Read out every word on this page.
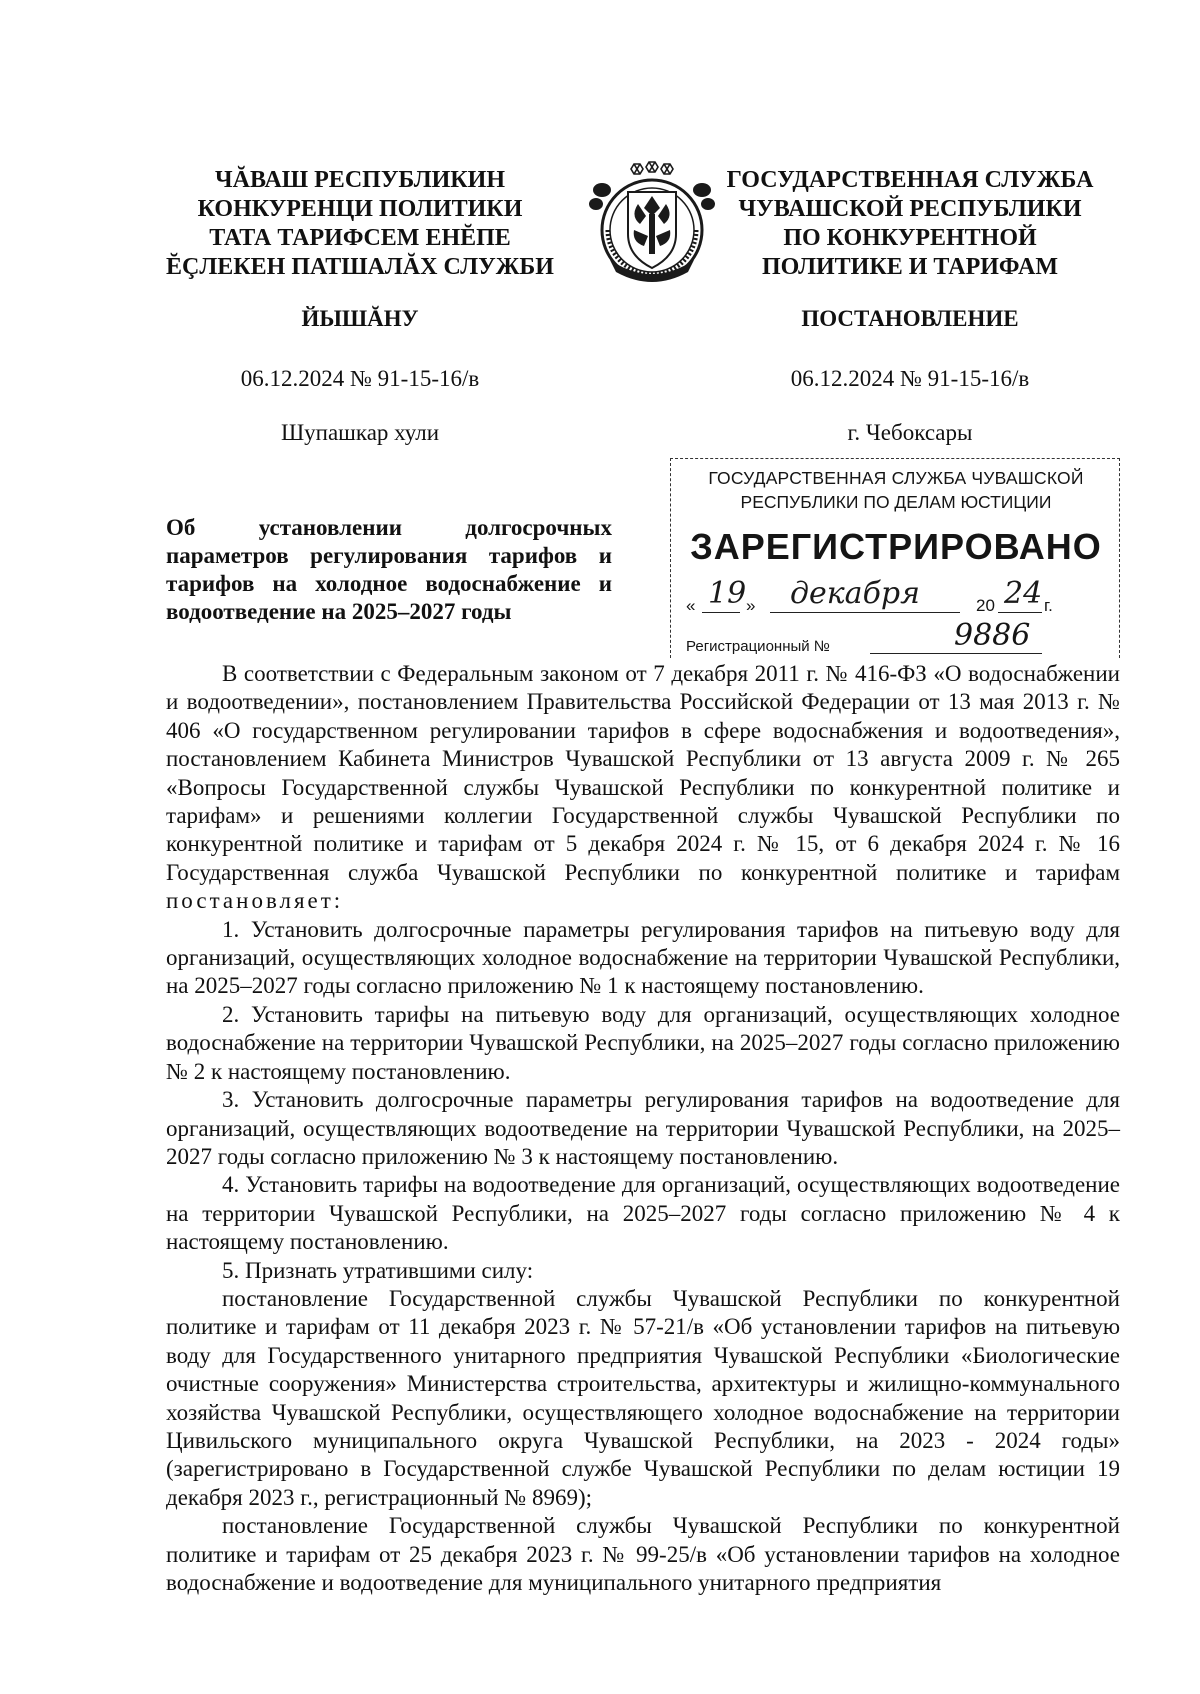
ЧĂВАШ РЕСПУБЛИКИН
КОНКУРЕНЦИ ПОЛИТИКИ
ТАТА ТАРИФСЕМ ЕНĔПЕ
ĔÇЛЕКЕН ПАТШАЛĂХ СЛУЖБИ
ГОСУДАРСТВЕННАЯ СЛУЖБА
ЧУВАШСКОЙ РЕСПУБЛИКИ
ПО КОНКУРЕНТНОЙ
ПОЛИТИКЕ И ТАРИФАМ
ЙЫШĂНУ	ПОСТАНОВЛЕНИЕ
06.12.2024 № 91-15-16/в	06.12.2024 № 91-15-16/в
Шупашкар хули	г. Чебоксары
Об установлении долгосрочных
параметров регулирования тарифов и
тарифов на холодное водоснабжение и
водоотведение на 2025–2027 годы
ГОСУДАРСТВЕННАЯ СЛУЖБА ЧУВАШСКОЙ
РЕСПУБЛИКИ ПО ДЕЛАМ ЮСТИЦИИ
ЗАРЕГИСТРИРОВАНО
« 19 » декабря	20 24 г.
Регистрационный №	9886

В соответствии с Федеральным законом от 7 декабря 2011 г. № 416-ФЗ «О водоснабжении и водоотведении», постановлением Правительства Российской Федерации от 13 мая 2013 г. № 406 «О государственном регулировании тарифов в сфере водоснабжения и водоотведения», постановлением Кабинета Министров Чувашской Республики от 13 августа 2009 г. № 265 «Вопросы Государственной службы Чувашской Республики по конкурентной политике и тарифам» и решениями коллегии Государственной службы Чувашской Республики по конкурентной политике и тарифам от 5 декабря 2024 г. № 15, от 6 декабря 2024 г. № 16 Государственная служба Чувашской Республики по конкурентной политике и тарифам постановляет:

1. Установить долгосрочные параметры регулирования тарифов на питьевую воду для организаций, осуществляющих холодное водоснабжение на территории Чувашской Республики, на 2025–2027 годы согласно приложению № 1 к настоящему постановлению.

2. Установить тарифы на питьевую воду для организаций, осуществляющих холодное водоснабжение на территории Чувашской Республики, на 2025–2027 годы согласно приложению № 2 к настоящему постановлению.

3. Установить долгосрочные параметры регулирования тарифов на водоотведение для организаций, осуществляющих водоотведение на территории Чувашской Республики, на 2025–2027 годы согласно приложению № 3 к настоящему постановлению.

4. Установить тарифы на водоотведение для организаций, осуществляющих водоотведение на территории Чувашской Республики, на 2025–2027 годы согласно приложению № 4 к настоящему постановлению.

5. Признать утратившими силу:

постановление Государственной службы Чувашской Республики по конкурентной политике и тарифам от 11 декабря 2023 г. № 57-21/в «Об установлении тарифов на питьевую воду для Государственного унитарного предприятия Чувашской Республики «Биологические очистные сооружения» Министерства строительства, архитектуры и жилищно-коммунального хозяйства Чувашской Республики, осуществляющего холодное водоснабжение на территории Цивильского муниципального округа Чувашской Республики, на 2023 - 2024 годы» (зарегистрировано в Государственной службе Чувашской Республики по делам юстиции 19 декабря 2023 г., регистрационный № 8969);

постановление Государственной службы Чувашской Республики по конкурентной политике и тарифам от 25 декабря 2023 г. № 99-25/в «Об установлении тарифов на холодное водоснабжение и водоотведение для муниципального унитарного предприятия
